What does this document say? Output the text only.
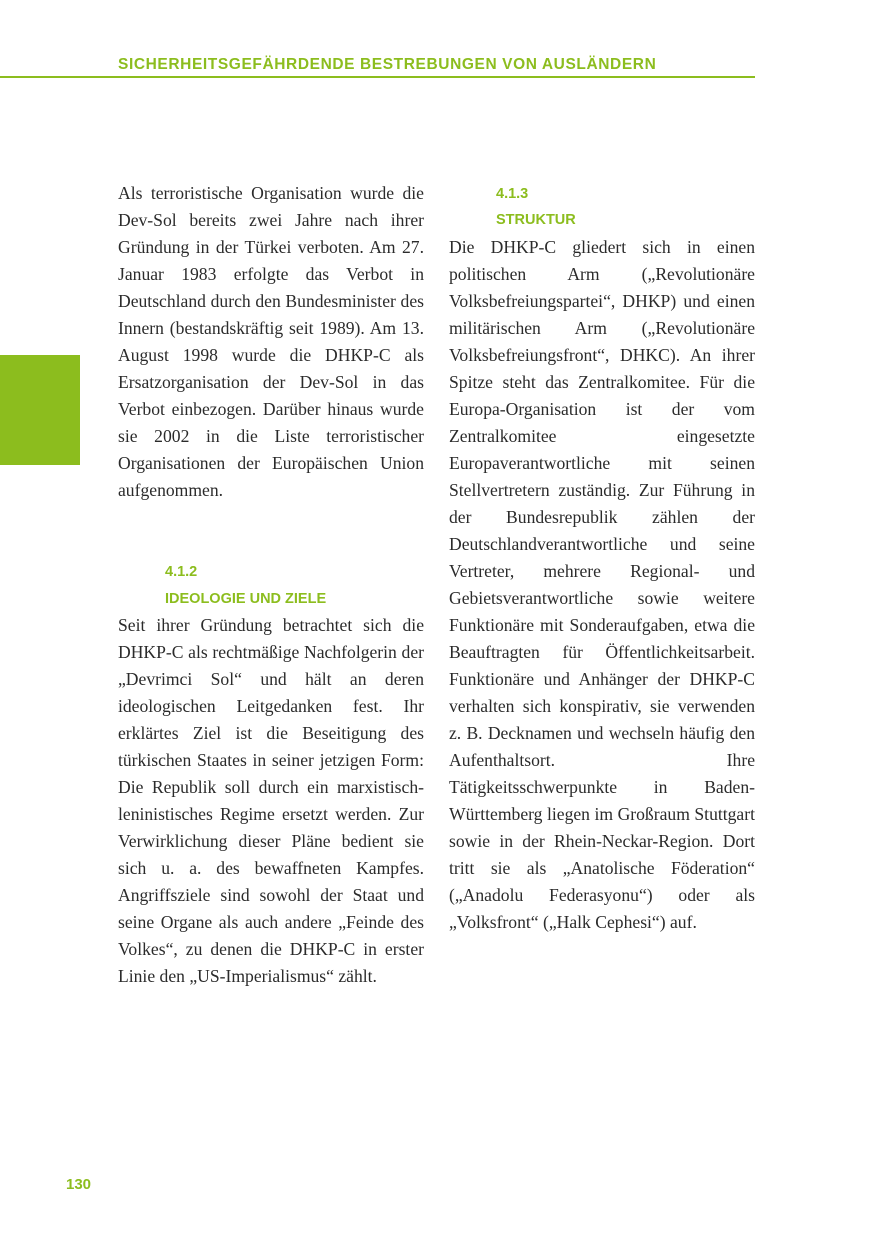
SICHERHEITSGEFÄHRDENDE BESTREBUNGEN VON AUSLÄNDERN

Als terroristische Organisation wurde die Dev-Sol bereits zwei Jahre nach ihrer Gründung in der Türkei verboten. Am 27. Januar 1983 erfolgte das Verbot in Deutschland durch den Bundesminister des Innern (bestandskräftig seit 1989). Am 13. August 1998 wurde die DHKP-C als Ersatzorganisation der Dev-Sol in das Verbot einbezogen. Darüber hinaus wurde sie 2002 in die Liste terroristischer Organisationen der Europäischen Union aufgenommen.

4.1.2
IDEOLOGIE UND ZIELE

Seit ihrer Gründung betrachtet sich die DHKP-C als rechtmäßige Nachfolgerin der „Devrimci Sol“ und hält an deren ideologischen Leitgedanken fest. Ihr erklärtes Ziel ist die Beseitigung des türkischen Staates in seiner jetzigen Form: Die Republik soll durch ein marxistisch-leninistisches Regime ersetzt werden. Zur Verwirklichung dieser Pläne bedient sie sich u. a. des bewaffneten Kampfes. Angriffsziele sind sowohl der Staat und seine Organe als auch andere „Feinde des Volkes“, zu denen die DHKP-C in erster Linie den „US-Imperialismus“ zählt.

4.1.3
STRUKTUR

Die DHKP-C gliedert sich in einen politischen Arm („Revolutionäre Volksbefreiungspartei“, DHKP) und einen militärischen Arm („Revolutionäre Volksbefreiungsfront“, DHKC). An ihrer Spitze steht das Zentralkomitee. Für die Europa-Organisation ist der vom Zentralkomitee eingesetzte Europaverantwortliche mit seinen Stellvertretern zuständig. Zur Führung in der Bundesrepublik zählen der Deutschlandverantwortliche und seine Vertreter, mehrere Regional- und Gebietsverantwortliche sowie weitere Funktionäre mit Sonderaufgaben, etwa die Beauftragten für Öffentlichkeitsarbeit. Funktionäre und Anhänger der DHKP-C verhalten sich konspirativ, sie verwenden z. B. Decknamen und wechseln häufig den Aufenthaltsort. Ihre Tätigkeitsschwerpunkte in Baden-Württemberg liegen im Großraum Stuttgart sowie in der Rhein-Neckar-Region. Dort tritt sie als „Anatolische Föderation“ („Anadolu Federasyonu“) oder als „Volksfront“ („Halk Cephesi“) auf.

130
